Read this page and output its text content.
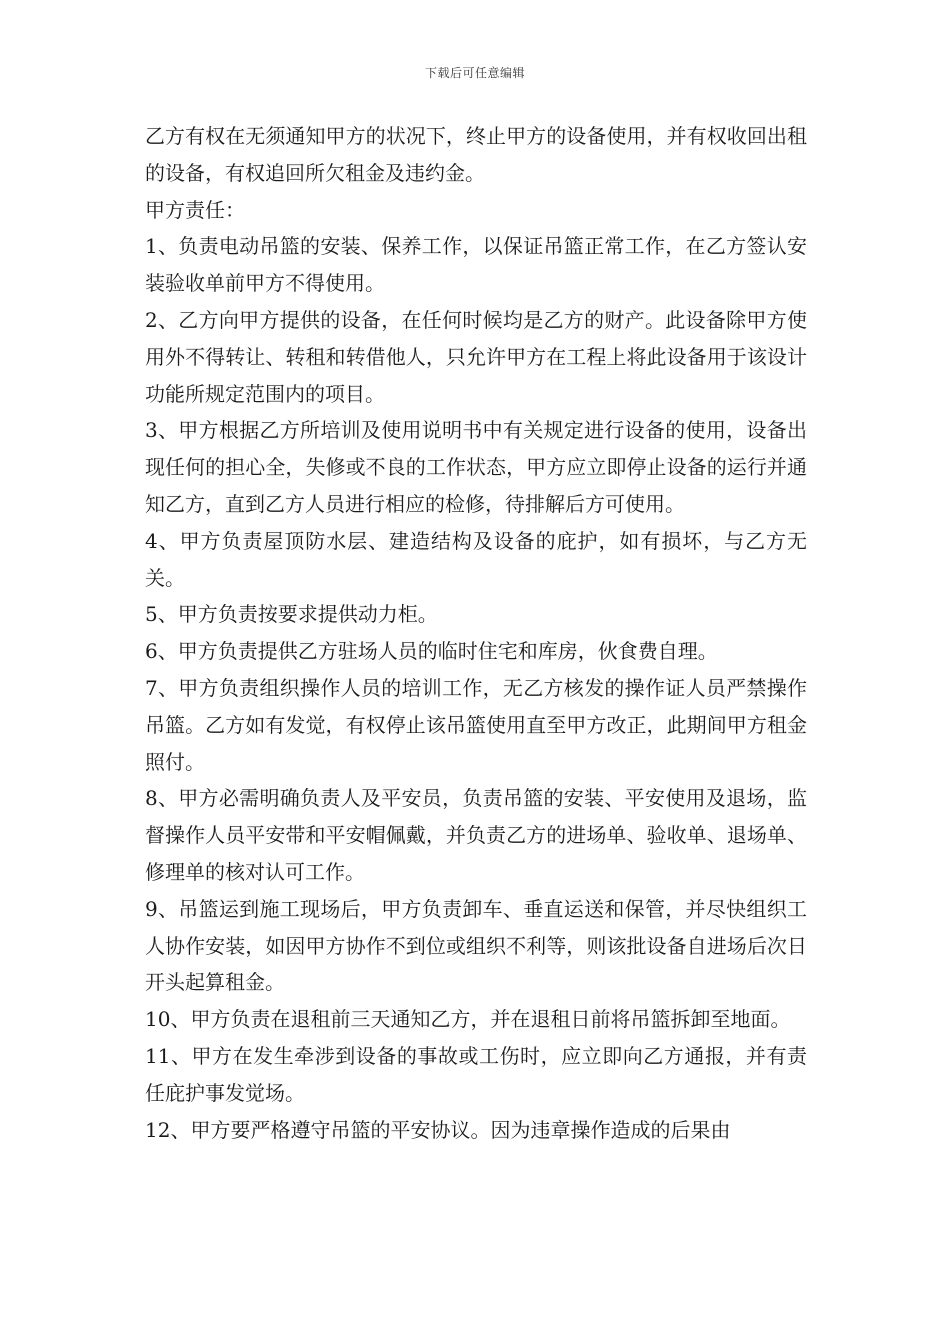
下载后可任意编辑

乙方有权在无须通知甲方的状况下，终止甲方的设备使用，并有权收回出租的设备，有权追回所欠租金及违约金。

甲方责任：

1、负责电动吊篮的安装、保养工作，以保证吊篮正常工作，在乙方签认安装验收单前甲方不得使用。

2、乙方向甲方提供的设备，在任何时候均是乙方的财产。此设备除甲方使用外不得转让、转租和转借他人，只允许甲方在工程上将此设备用于该设计功能所规定范围内的项目。

3、甲方根据乙方所培训及使用说明书中有关规定进行设备的使用，设备出现任何的担心全，失修或不良的工作状态，甲方应立即停止设备的运行并通知乙方，直到乙方人员进行相应的检修，待排解后方可使用。

4、甲方负责屋顶防水层、建造结构及设备的庇护，如有损坏，与乙方无关。

5、甲方负责按要求提供动力柜。

6、甲方负责提供乙方驻场人员的临时住宅和库房，伙食费自理。

7、甲方负责组织操作人员的培训工作，无乙方核发的操作证人员严禁操作吊篮。乙方如有发觉，有权停止该吊篮使用直至甲方改正，此期间甲方租金照付。

8、甲方必需明确负责人及平安员，负责吊篮的安装、平安使用及退场，监督操作人员平安带和平安帽佩戴，并负责乙方的进场单、验收单、退场单、修理单的核对认可工作。

9、吊篮运到施工现场后，甲方负责卸车、垂直运送和保管，并尽快组织工人协作安装，如因甲方协作不到位或组织不利等，则该批设备自进场后次日开头起算租金。

10、甲方负责在退租前三天通知乙方，并在退租日前将吊篮拆卸至地面。

11、甲方在发生牵涉到设备的事故或工伤时，应立即向乙方通报，并有责任庇护事发觉场。

12、甲方要严格遵守吊篮的平安协议。因为违章操作造成的后果由
